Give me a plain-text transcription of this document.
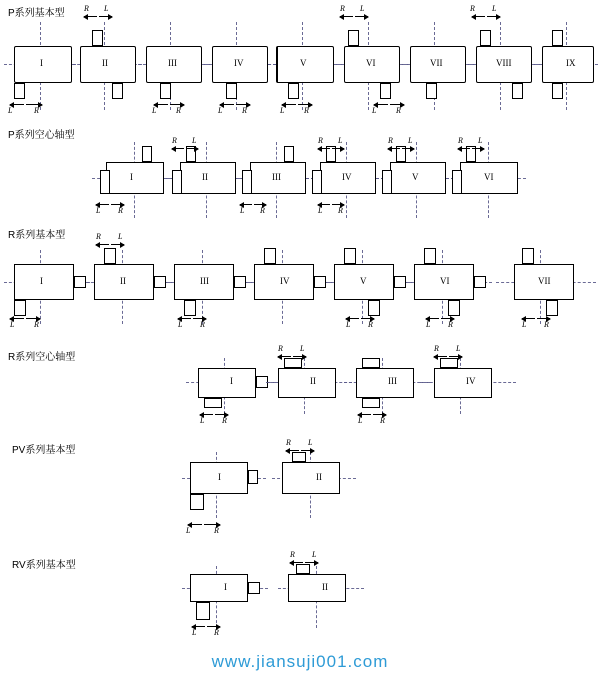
P系列基本型
I
L	R
II
R L
III
L R
IV
L R
V
L R
VI
R L
L R
VII	VIII
R L
IX
P系列空心轴型
I
L R
II
R L
III
L R
IV
R L
L R
V
R L
VI
R L
R系列基本型
I
L R
II
R L
III
L R
IV	V
L R
VI
L R
VII
L R
R系列空心轴型
I
L R
II
R L
III
L R
IV
R L
PV系列基本型
I
L	R
II
R L
RV系列基本型
I
L R
II
R L
www.jiansuji001.com
